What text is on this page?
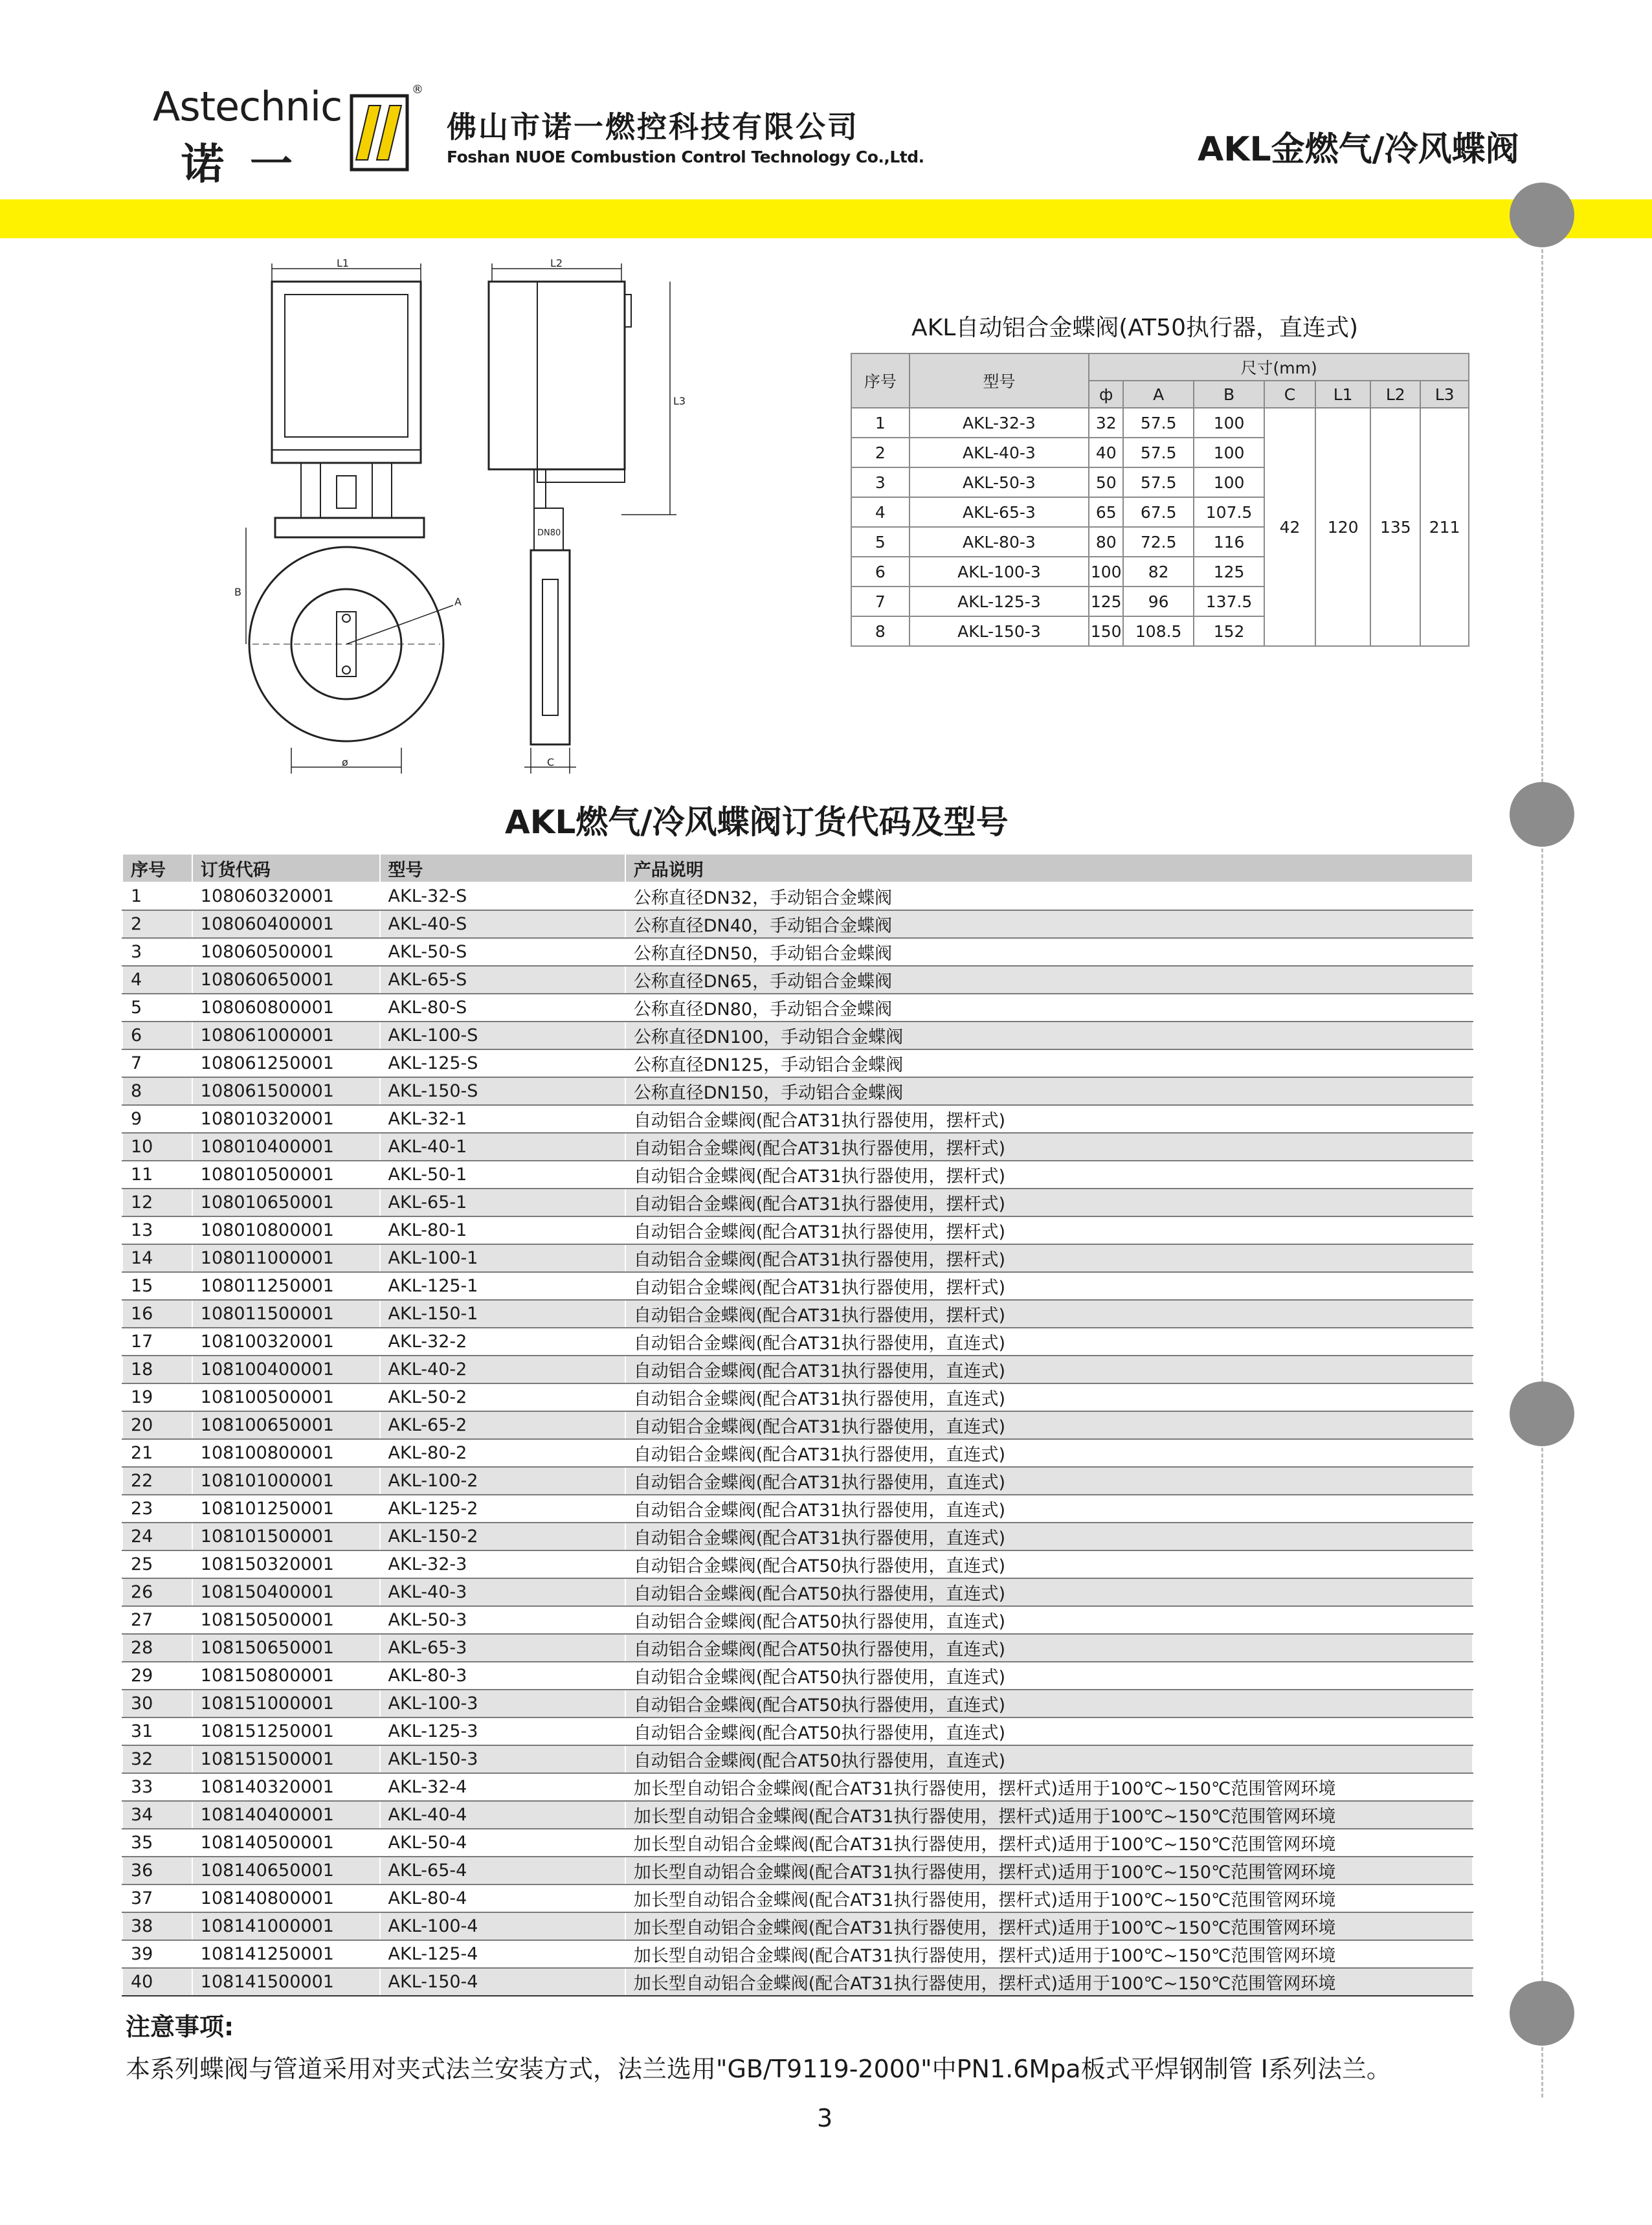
Astechnic
诺一
®
佛山市诺一燃控科技有限公司
Foshan NUOE Combustion Control Technology Co.,Ltd.	AKL金燃气/冷风蝶阀
L1
B
A
ø
DN80
L2
L3
C
AKL自动铝合金蝶阀(AT50执行器，直连式)
序号	型号	尺寸(mm)						
		ф	A	B	C	L1	L2	L3
1	AKL-32-3	32	57.5	100	42	120	135	211
2	AKL-40-3	40	57.5	100				
3	AKL-50-3	50	57.5	100				
4	AKL-65-3	65	67.5	107.5				
5	AKL-80-3	80	72.5	116				
6	AKL-100-3	100	82	125				
7	AKL-125-3	125	96	137.5				
8	AKL-150-3	150	108.5	152				
AKL燃气/冷风蝶阀订货代码及型号
序号	订货代码	型号	产品说明
1	108060320001	AKL-32-S	公称直径DN32，手动铝合金蝶阀
2	108060400001	AKL-40-S	公称直径DN40，手动铝合金蝶阀
3	108060500001	AKL-50-S	公称直径DN50，手动铝合金蝶阀
4	108060650001	AKL-65-S	公称直径DN65，手动铝合金蝶阀
5	108060800001	AKL-80-S	公称直径DN80，手动铝合金蝶阀
6	108061000001	AKL-100-S	公称直径DN100，手动铝合金蝶阀
7	108061250001	AKL-125-S	公称直径DN125，手动铝合金蝶阀
8	108061500001	AKL-150-S	公称直径DN150，手动铝合金蝶阀
9	108010320001	AKL-32-1	自动铝合金蝶阀(配合AT31执行器使用，摆杆式)
10	108010400001	AKL-40-1	自动铝合金蝶阀(配合AT31执行器使用，摆杆式)
11	108010500001	AKL-50-1	自动铝合金蝶阀(配合AT31执行器使用，摆杆式)
12	108010650001	AKL-65-1	自动铝合金蝶阀(配合AT31执行器使用，摆杆式)
13	108010800001	AKL-80-1	自动铝合金蝶阀(配合AT31执行器使用，摆杆式)
14	108011000001	AKL-100-1	自动铝合金蝶阀(配合AT31执行器使用，摆杆式)
15	108011250001	AKL-125-1	自动铝合金蝶阀(配合AT31执行器使用，摆杆式)
16	108011500001	AKL-150-1	自动铝合金蝶阀(配合AT31执行器使用，摆杆式)
17	108100320001	AKL-32-2	自动铝合金蝶阀(配合AT31执行器使用，直连式)
18	108100400001	AKL-40-2	自动铝合金蝶阀(配合AT31执行器使用，直连式)
19	108100500001	AKL-50-2	自动铝合金蝶阀(配合AT31执行器使用，直连式)
20	108100650001	AKL-65-2	自动铝合金蝶阀(配合AT31执行器使用，直连式)
21	108100800001	AKL-80-2	自动铝合金蝶阀(配合AT31执行器使用，直连式)
22	108101000001	AKL-100-2	自动铝合金蝶阀(配合AT31执行器使用，直连式)
23	108101250001	AKL-125-2	自动铝合金蝶阀(配合AT31执行器使用，直连式)
24	108101500001	AKL-150-2	自动铝合金蝶阀(配合AT31执行器使用，直连式)
25	108150320001	AKL-32-3	自动铝合金蝶阀(配合AT50执行器使用，直连式)
26	108150400001	AKL-40-3	自动铝合金蝶阀(配合AT50执行器使用，直连式)
27	108150500001	AKL-50-3	自动铝合金蝶阀(配合AT50执行器使用，直连式)
28	108150650001	AKL-65-3	自动铝合金蝶阀(配合AT50执行器使用，直连式)
29	108150800001	AKL-80-3	自动铝合金蝶阀(配合AT50执行器使用，直连式)
30	108151000001	AKL-100-3	自动铝合金蝶阀(配合AT50执行器使用，直连式)
31	108151250001	AKL-125-3	自动铝合金蝶阀(配合AT50执行器使用，直连式)
32	108151500001	AKL-150-3	自动铝合金蝶阀(配合AT50执行器使用，直连式)
33	108140320001	AKL-32-4	加长型自动铝合金蝶阀(配合AT31执行器使用，摆杆式)适用于100℃~150℃范围管网环境
34	108140400001	AKL-40-4	加长型自动铝合金蝶阀(配合AT31执行器使用，摆杆式)适用于100℃~150℃范围管网环境
35	108140500001	AKL-50-4	加长型自动铝合金蝶阀(配合AT31执行器使用，摆杆式)适用于100℃~150℃范围管网环境
36	108140650001	AKL-65-4	加长型自动铝合金蝶阀(配合AT31执行器使用，摆杆式)适用于100℃~150℃范围管网环境
37	108140800001	AKL-80-4	加长型自动铝合金蝶阀(配合AT31执行器使用，摆杆式)适用于100℃~150℃范围管网环境
38	108141000001	AKL-100-4	加长型自动铝合金蝶阀(配合AT31执行器使用，摆杆式)适用于100℃~150℃范围管网环境
39	108141250001	AKL-125-4	加长型自动铝合金蝶阀(配合AT31执行器使用，摆杆式)适用于100℃~150℃范围管网环境
40	108141500001	AKL-150-4	加长型自动铝合金蝶阀(配合AT31执行器使用，摆杆式)适用于100℃~150℃范围管网环境
注意事项:
本系列蝶阀与管道采用对夹式法兰安装方式，法兰选用"GB/T9119-2000"中PN1.6Mpa板式平焊钢制管 I系列法兰。
3
